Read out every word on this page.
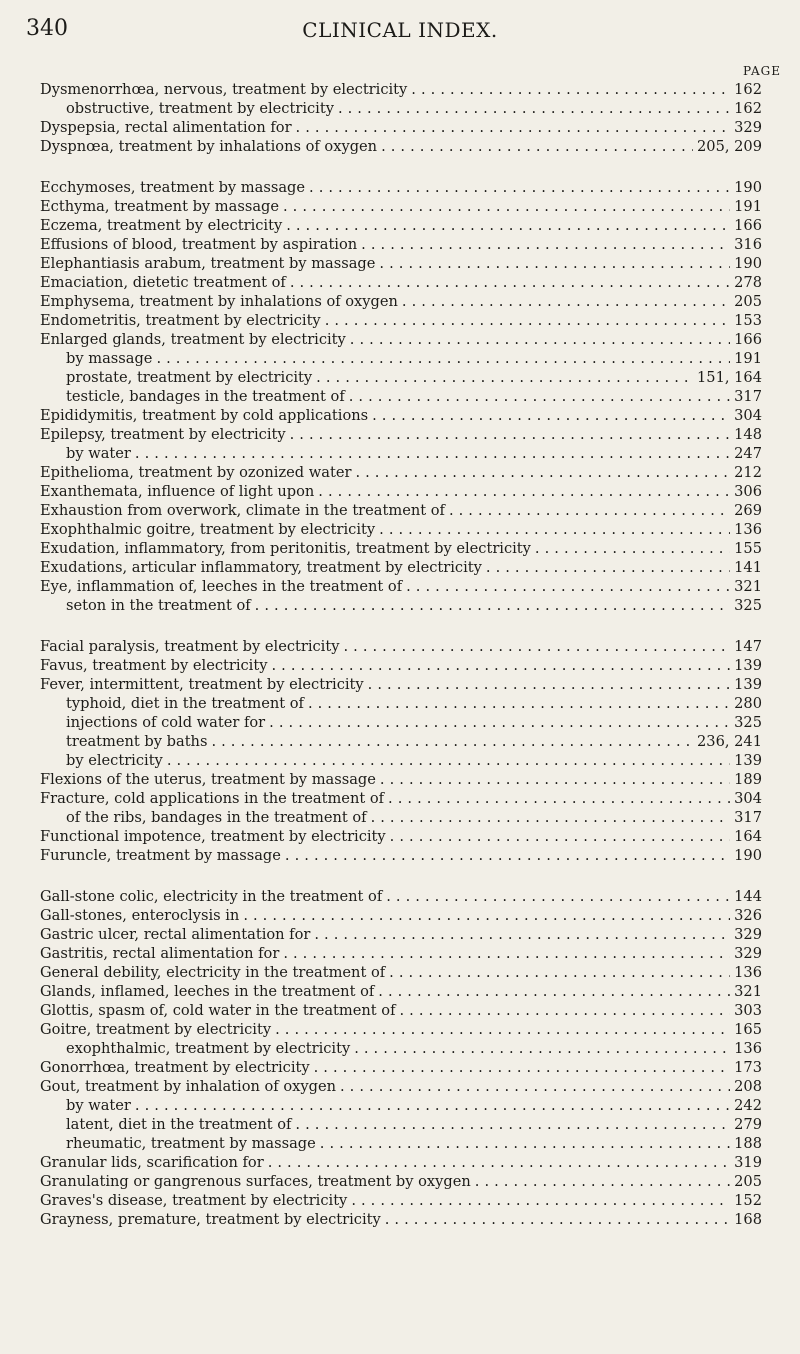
340	CLINICAL INDEX.
PAGE
Dysmenorrhœa, nervous, treatment by electricity . . .	162
obstructive, treatment by electricity . . .	162
Dyspepsia, rectal alimentation for . . .	329
Dyspnœa, treatment by inhalations of oxygen . . .	205, 209
Ecchymoses, treatment by massage . . .	190
Ecthyma, treatment by massage . . .	191
Eczema, treatment by electricity . . .	166
Effusions of blood, treatment by aspiration . . .	316
Elephantiasis arabum, treatment by massage . . .	190
Emaciation, dietetic treatment of . . .	278
Emphysema, treatment by inhalations of oxygen . . .	205
Endometritis, treatment by electricity . . .	153
Enlarged glands, treatment by electricity . . .	166
by massage . . .	191
prostate, treatment by electricity . . .	151, 164
testicle, bandages in the treatment of . . .	317
Epididymitis, treatment by cold applications . . .	304
Epilepsy, treatment by electricity . . .	148
by water . . .	247
Epithelioma, treatment by ozonized water . . .	212
Exanthemata, influence of light upon . . .	306
Exhaustion from overwork, climate in the treatment of . . .	269
Exophthalmic goitre, treatment by electricity . . .	136
Exudation, inflammatory, from peritonitis, treatment by electricity . . .	155
Exudations, articular inflammatory, treatment by electricity . . .	141
Eye, inflammation of, leeches in the treatment of . . .	321
seton in the treatment of . . .	325
Facial paralysis, treatment by electricity . . .	147
Favus, treatment by electricity . . .	139
Fever, intermittent, treatment by electricity . . .	139
typhoid, diet in the treatment of . . .	280
injections of cold water for . . .	325
treatment by baths . . .	236, 241
by electricity . . .	139
Flexions of the uterus, treatment by massage . . .	189
Fracture, cold applications in the treatment of . . .	304
of the ribs, bandages in the treatment of . . .	317
Functional impotence, treatment by electricity . . .	164
Furuncle, treatment by massage . . .	190
Gall-stone colic, electricity in the treatment of . . .	144
Gall-stones, enteroclysis in . . .	326
Gastric ulcer, rectal alimentation for . . .	329
Gastritis, rectal alimentation for . . .	329
General debility, electricity in the treatment of . . .	136
Glands, inflamed, leeches in the treatment of . . .	321
Glottis, spasm of, cold water in the treatment of . . .	303
Goitre, treatment by electricity . . .	165
exophthalmic, treatment by electricity . . .	136
Gonorrhœa, treatment by electricity . . .	173
Gout, treatment by inhalation of oxygen . . .	208
by water . . .	242
latent, diet in the treatment of . . .	279
rheumatic, treatment by massage . . .	188
Granular lids, scarification for . . .	319
Granulating or gangrenous surfaces, treatment by oxygen . . .	205
Graves's disease, treatment by electricity . . .	152
Grayness, premature, treatment by electricity . . .	168
